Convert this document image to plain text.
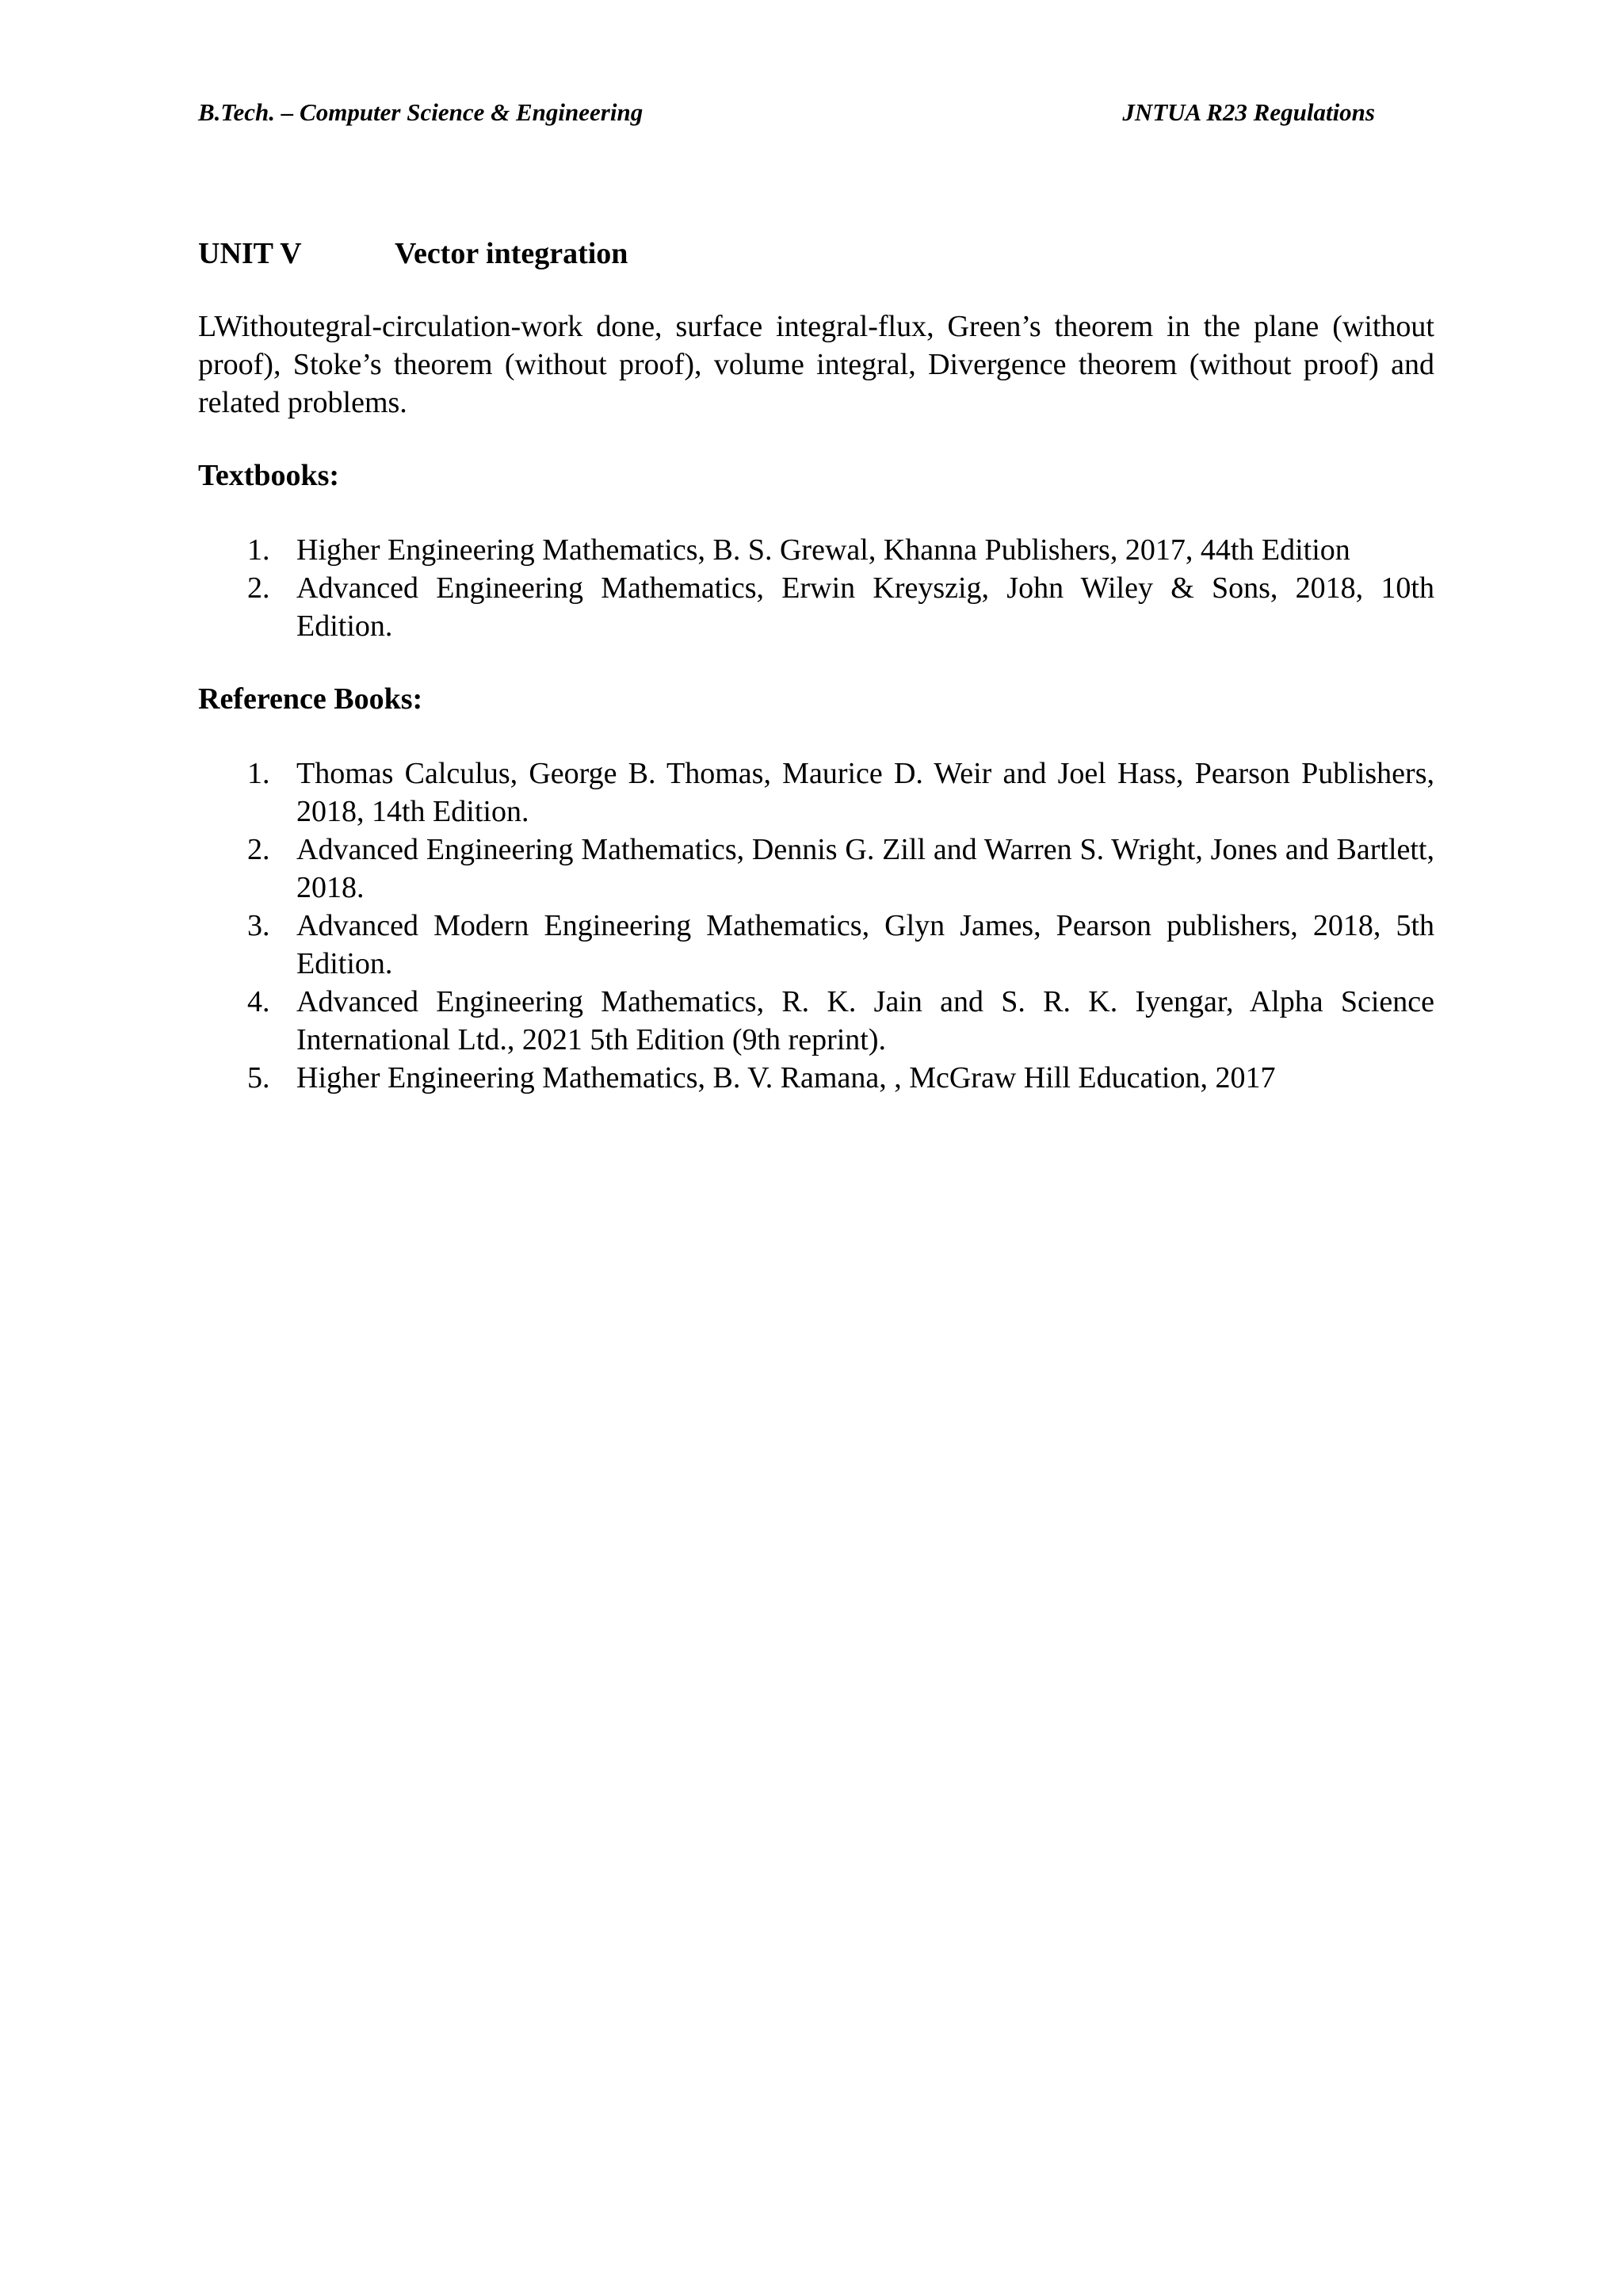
B.Tech. – Computer Science & Engineering	JNTUA R23 Regulations

UNIT V	Vector integration

LWithoutegral-circulation-work done, surface integral-flux, Green’s theorem in the plane (without proof), Stoke’s theorem (without proof), volume integral, Divergence theorem (without proof) and related problems.

Textbooks:

1. Higher Engineering Mathematics, B. S. Grewal, Khanna Publishers, 2017, 44th Edition
2. Advanced Engineering Mathematics, Erwin Kreyszig, John Wiley & Sons, 2018, 10th Edition.

Reference Books:

1. Thomas Calculus, George B. Thomas, Maurice D. Weir and Joel Hass, Pearson Publishers, 2018, 14th Edition.
2. Advanced Engineering Mathematics, Dennis G. Zill and Warren S. Wright, Jones and Bartlett, 2018.
3. Advanced Modern Engineering Mathematics, Glyn James, Pearson publishers, 2018, 5th Edition.
4. Advanced Engineering Mathematics, R. K. Jain and S. R. K. Iyengar, Alpha Science International Ltd., 2021 5th Edition (9th reprint).
5. Higher Engineering Mathematics, B. V. Ramana, , McGraw Hill Education, 2017
